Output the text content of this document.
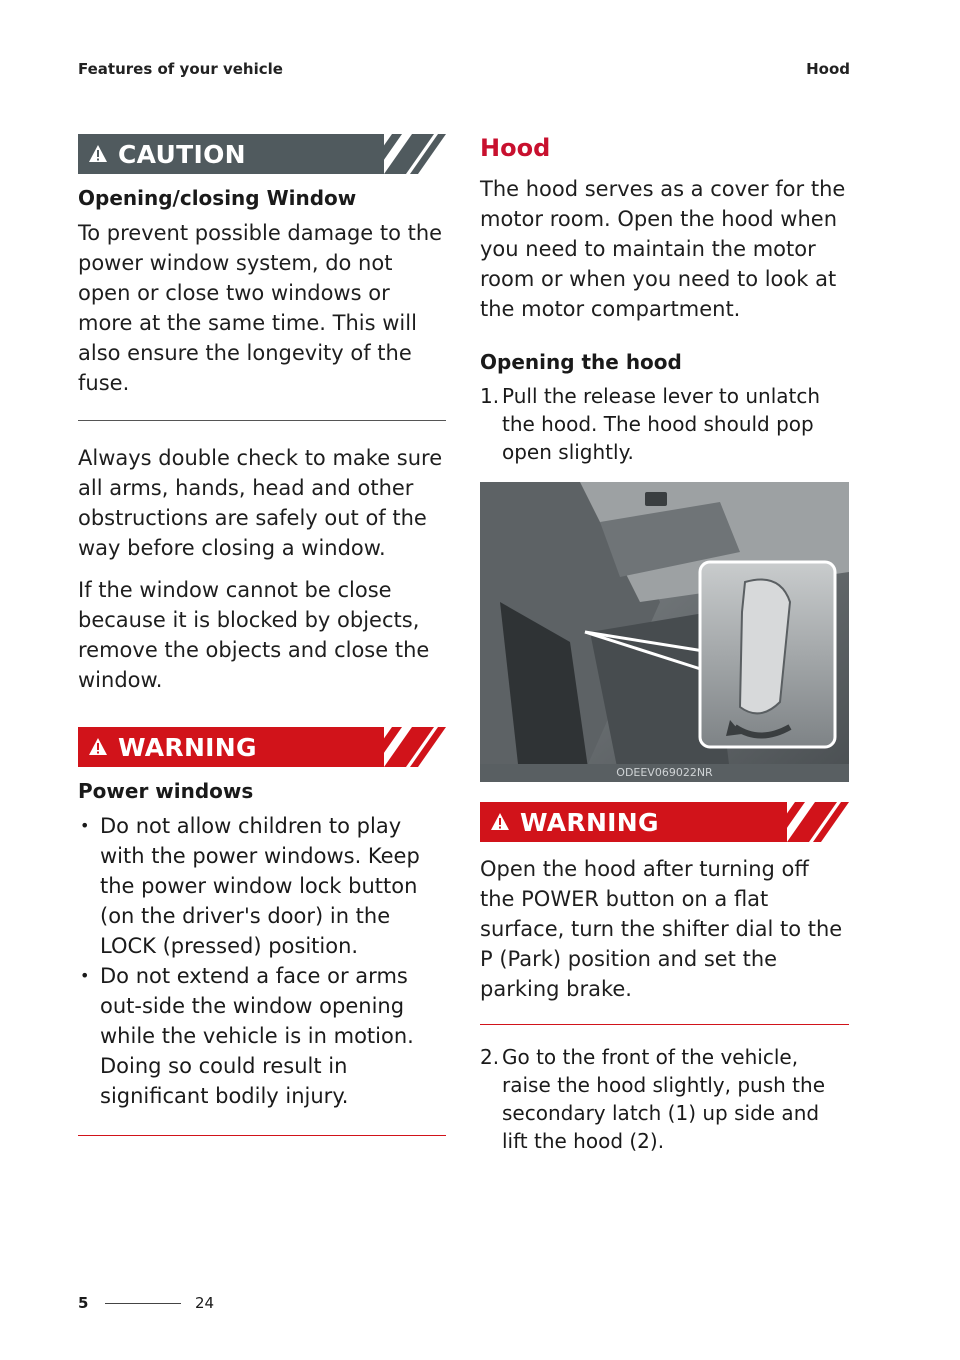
Features of your vehicle	Hood
CAUTION
Opening/closing Window

To prevent possible damage to the power window system, do not open or close two windows or more at the same time. This will also ensure the longevity of the fuse.

Always double check to make sure all arms, hands, head and other obstructions are safely out of the way before closing a window.

If the window cannot be close because it is blocked by objects, remove the objects and close the window.

WARNING
Power windows
• Do not allow children to play with the power windows. Keep the power window lock button (on the driver's door) in the LOCK (pressed) position.
• Do not extend a face or arms out-side the window opening while the vehicle is in motion. Doing so could result in significant bodily injury.
Hood

The hood serves as a cover for the motor room. Open the hood when you need to maintain the motor room or when you need to look at the motor compartment.

Opening the hood
1. Pull the release lever to unlatch the hood. The hood should pop open slightly.
ODEEV069022NR
WARNING

Open the hood after turning off the POWER button on a flat surface, turn the shifter dial to the P (Park) position and set the parking brake.

2. Go to the front of the vehicle, raise the hood slightly, push the secondary latch (1) up side and lift the hood (2).
5	24
